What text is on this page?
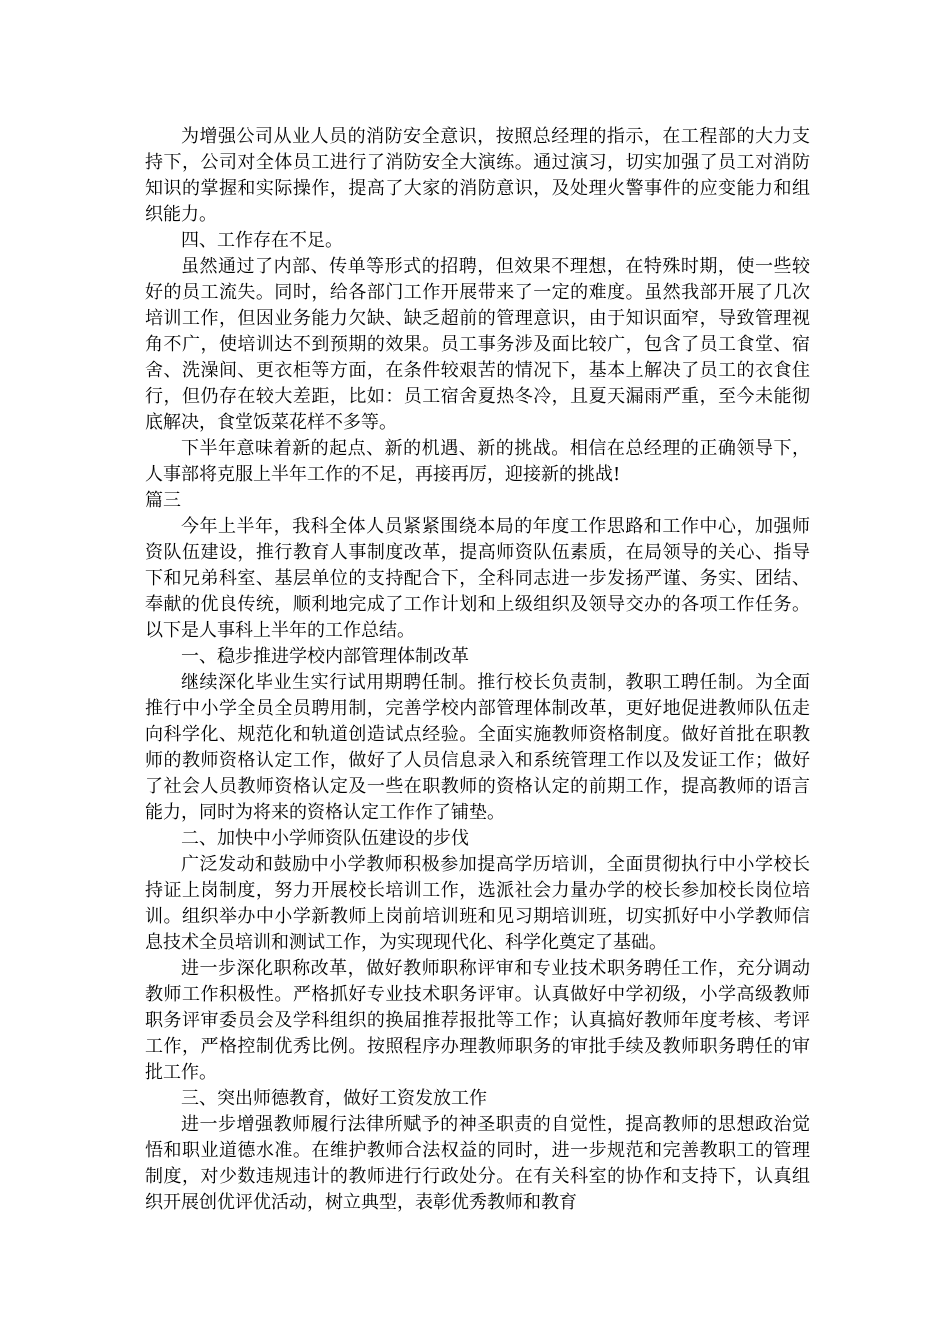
为增强公司从业人员的消防安全意识，按照总经理的指示，在工程部的大力支持下，公司对全体员工进行了消防安全大演练。通过演习，切实加强了员工对消防知识的掌握和实际操作，提高了大家的消防意识，及处理火警事件的应变能力和组织能力。

四、工作存在不足。

虽然通过了内部、传单等形式的招聘，但效果不理想，在特殊时期，使一些较好的员工流失。同时，给各部门工作开展带来了一定的难度。虽然我部开展了几次培训工作，但因业务能力欠缺、缺乏超前的管理意识，由于知识面窄，导致管理视角不广，使培训达不到预期的效果。员工事务涉及面比较广，包含了员工食堂、宿舍、洗澡间、更衣柜等方面，在条件较艰苦的情况下，基本上解决了员工的衣食住行，但仍存在较大差距，比如：员工宿舍夏热冬冷，且夏天漏雨严重，至今未能彻底解决，食堂饭菜花样不多等。

下半年意味着新的起点、新的机遇、新的挑战。相信在总经理的正确领导下，人事部将克服上半年工作的不足，再接再厉，迎接新的挑战!

篇三

今年上半年，我科全体人员紧紧围绕本局的年度工作思路和工作中心，加强师资队伍建设，推行教育人事制度改革，提高师资队伍素质，在局领导的关心、指导下和兄弟科室、基层单位的支持配合下，全科同志进一步发扬严谨、务实、团结、奉献的优良传统，顺利地完成了工作计划和上级组织及领导交办的各项工作任务。以下是人事科上半年的工作总结。

一、稳步推进学校内部管理体制改革

继续深化毕业生实行试用期聘任制。推行校长负责制，教职工聘任制。为全面推行中小学全员全员聘用制，完善学校内部管理体制改革，更好地促进教师队伍走向科学化、规范化和轨道创造试点经验。全面实施教师资格制度。做好首批在职教师的教师资格认定工作，做好了人员信息录入和系统管理工作以及发证工作；做好了社会人员教师资格认定及一些在职教师的资格认定的前期工作，提高教师的语言能力，同时为将来的资格认定工作作了铺垫。

二、加快中小学师资队伍建设的步伐

广泛发动和鼓励中小学教师积极参加提高学历培训，全面贯彻执行中小学校长持证上岗制度，努力开展校长培训工作，选派社会力量办学的校长参加校长岗位培训。组织举办中小学新教师上岗前培训班和见习期培训班，切实抓好中小学教师信息技术全员培训和测试工作，为实现现代化、科学化奠定了基础。

进一步深化职称改革，做好教师职称评审和专业技术职务聘任工作，充分调动教师工作积极性。严格抓好专业技术职务评审。认真做好中学初级，小学高级教师职务评审委员会及学科组织的换届推荐报批等工作；认真搞好教师年度考核、考评工作，严格控制优秀比例。按照程序办理教师职务的审批手续及教师职务聘任的审批工作。

三、突出师德教育，做好工资发放工作

进一步增强教师履行法律所赋予的神圣职责的自觉性，提高教师的思想政治觉悟和职业道德水准。在维护教师合法权益的同时，进一步规范和完善教职工的管理制度，对少数违规违计的教师进行行政处分。在有关科室的协作和支持下，认真组织开展创优评优活动，树立典型，表彰优秀教师和教育
